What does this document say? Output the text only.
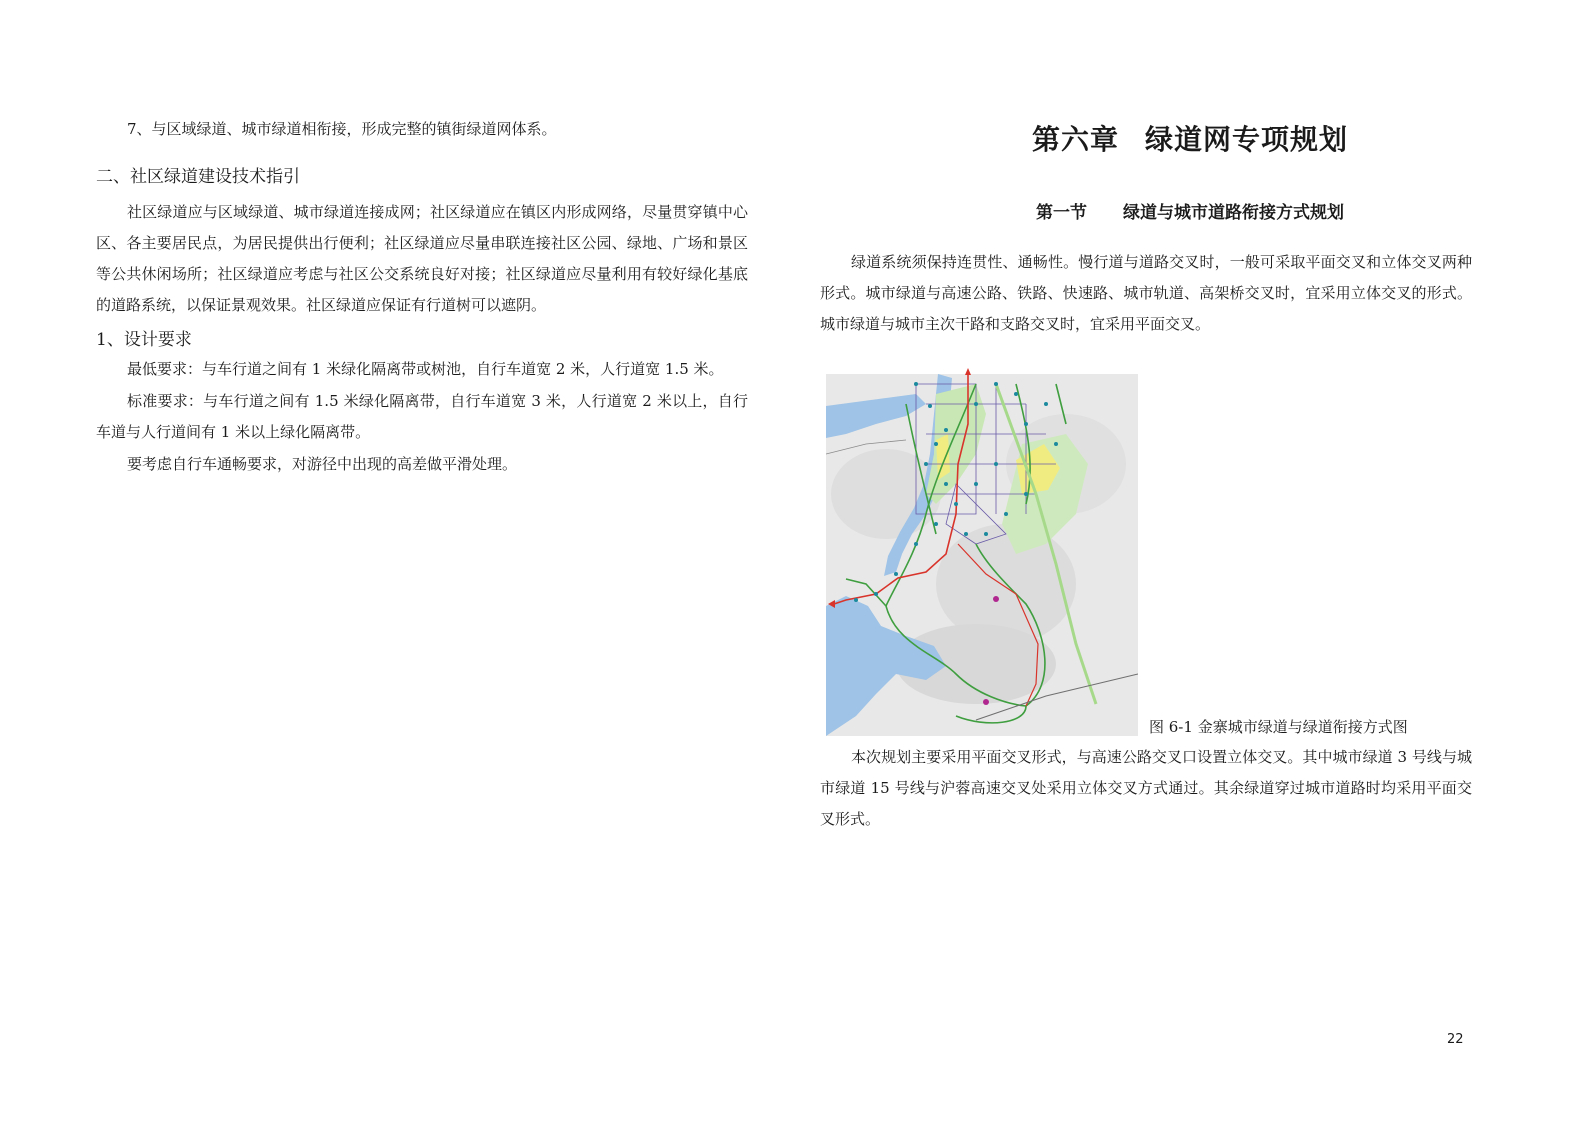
7、与区域绿道、城市绿道相衔接，形成完整的镇街绿道网体系。

二、社区绿道建设技术指引

社区绿道应与区域绿道、城市绿道连接成网；社区绿道应在镇区内形成网络，尽量贯穿镇中心区、各主要居民点，为居民提供出行便利；社区绿道应尽量串联连接社区公园、绿地、广场和景区等公共休闲场所；社区绿道应考虑与社区公交系统良好对接；社区绿道应尽量利用有较好绿化基底的道路系统，以保证景观效果。社区绿道应保证有行道树可以遮阴。

1、设计要求

最低要求：与车行道之间有 1 米绿化隔离带或树池，自行车道宽 2 米，人行道宽 1.5 米。

标准要求：与车行道之间有 1.5 米绿化隔离带，自行车道宽 3 米，人行道宽 2 米以上，自行车道与人行道间有 1 米以上绿化隔离带。

要考虑自行车通畅要求，对游径中出现的高差做平滑处理。

第六章 绿道网专项规划
第一节 绿道与城市道路衔接方式规划

绿道系统须保持连贯性、通畅性。慢行道与道路交叉时，一般可采取平面交叉和立体交叉两种形式。城市绿道与高速公路、铁路、快速路、城市轨道、高架桥交叉时，宜采用立体交叉的形式。城市绿道与城市主次干路和支路交叉时，宜采用平面交叉。

图 6-1 金寨城市绿道与绿道衔接方式图

本次规划主要采用平面交叉形式，与高速公路交叉口设置立体交叉。其中城市绿道 3 号线与城市绿道 15 号线与沪蓉高速交叉处采用立体交叉方式通过。其余绿道穿过城市道路时均采用平面交叉形式。

22
